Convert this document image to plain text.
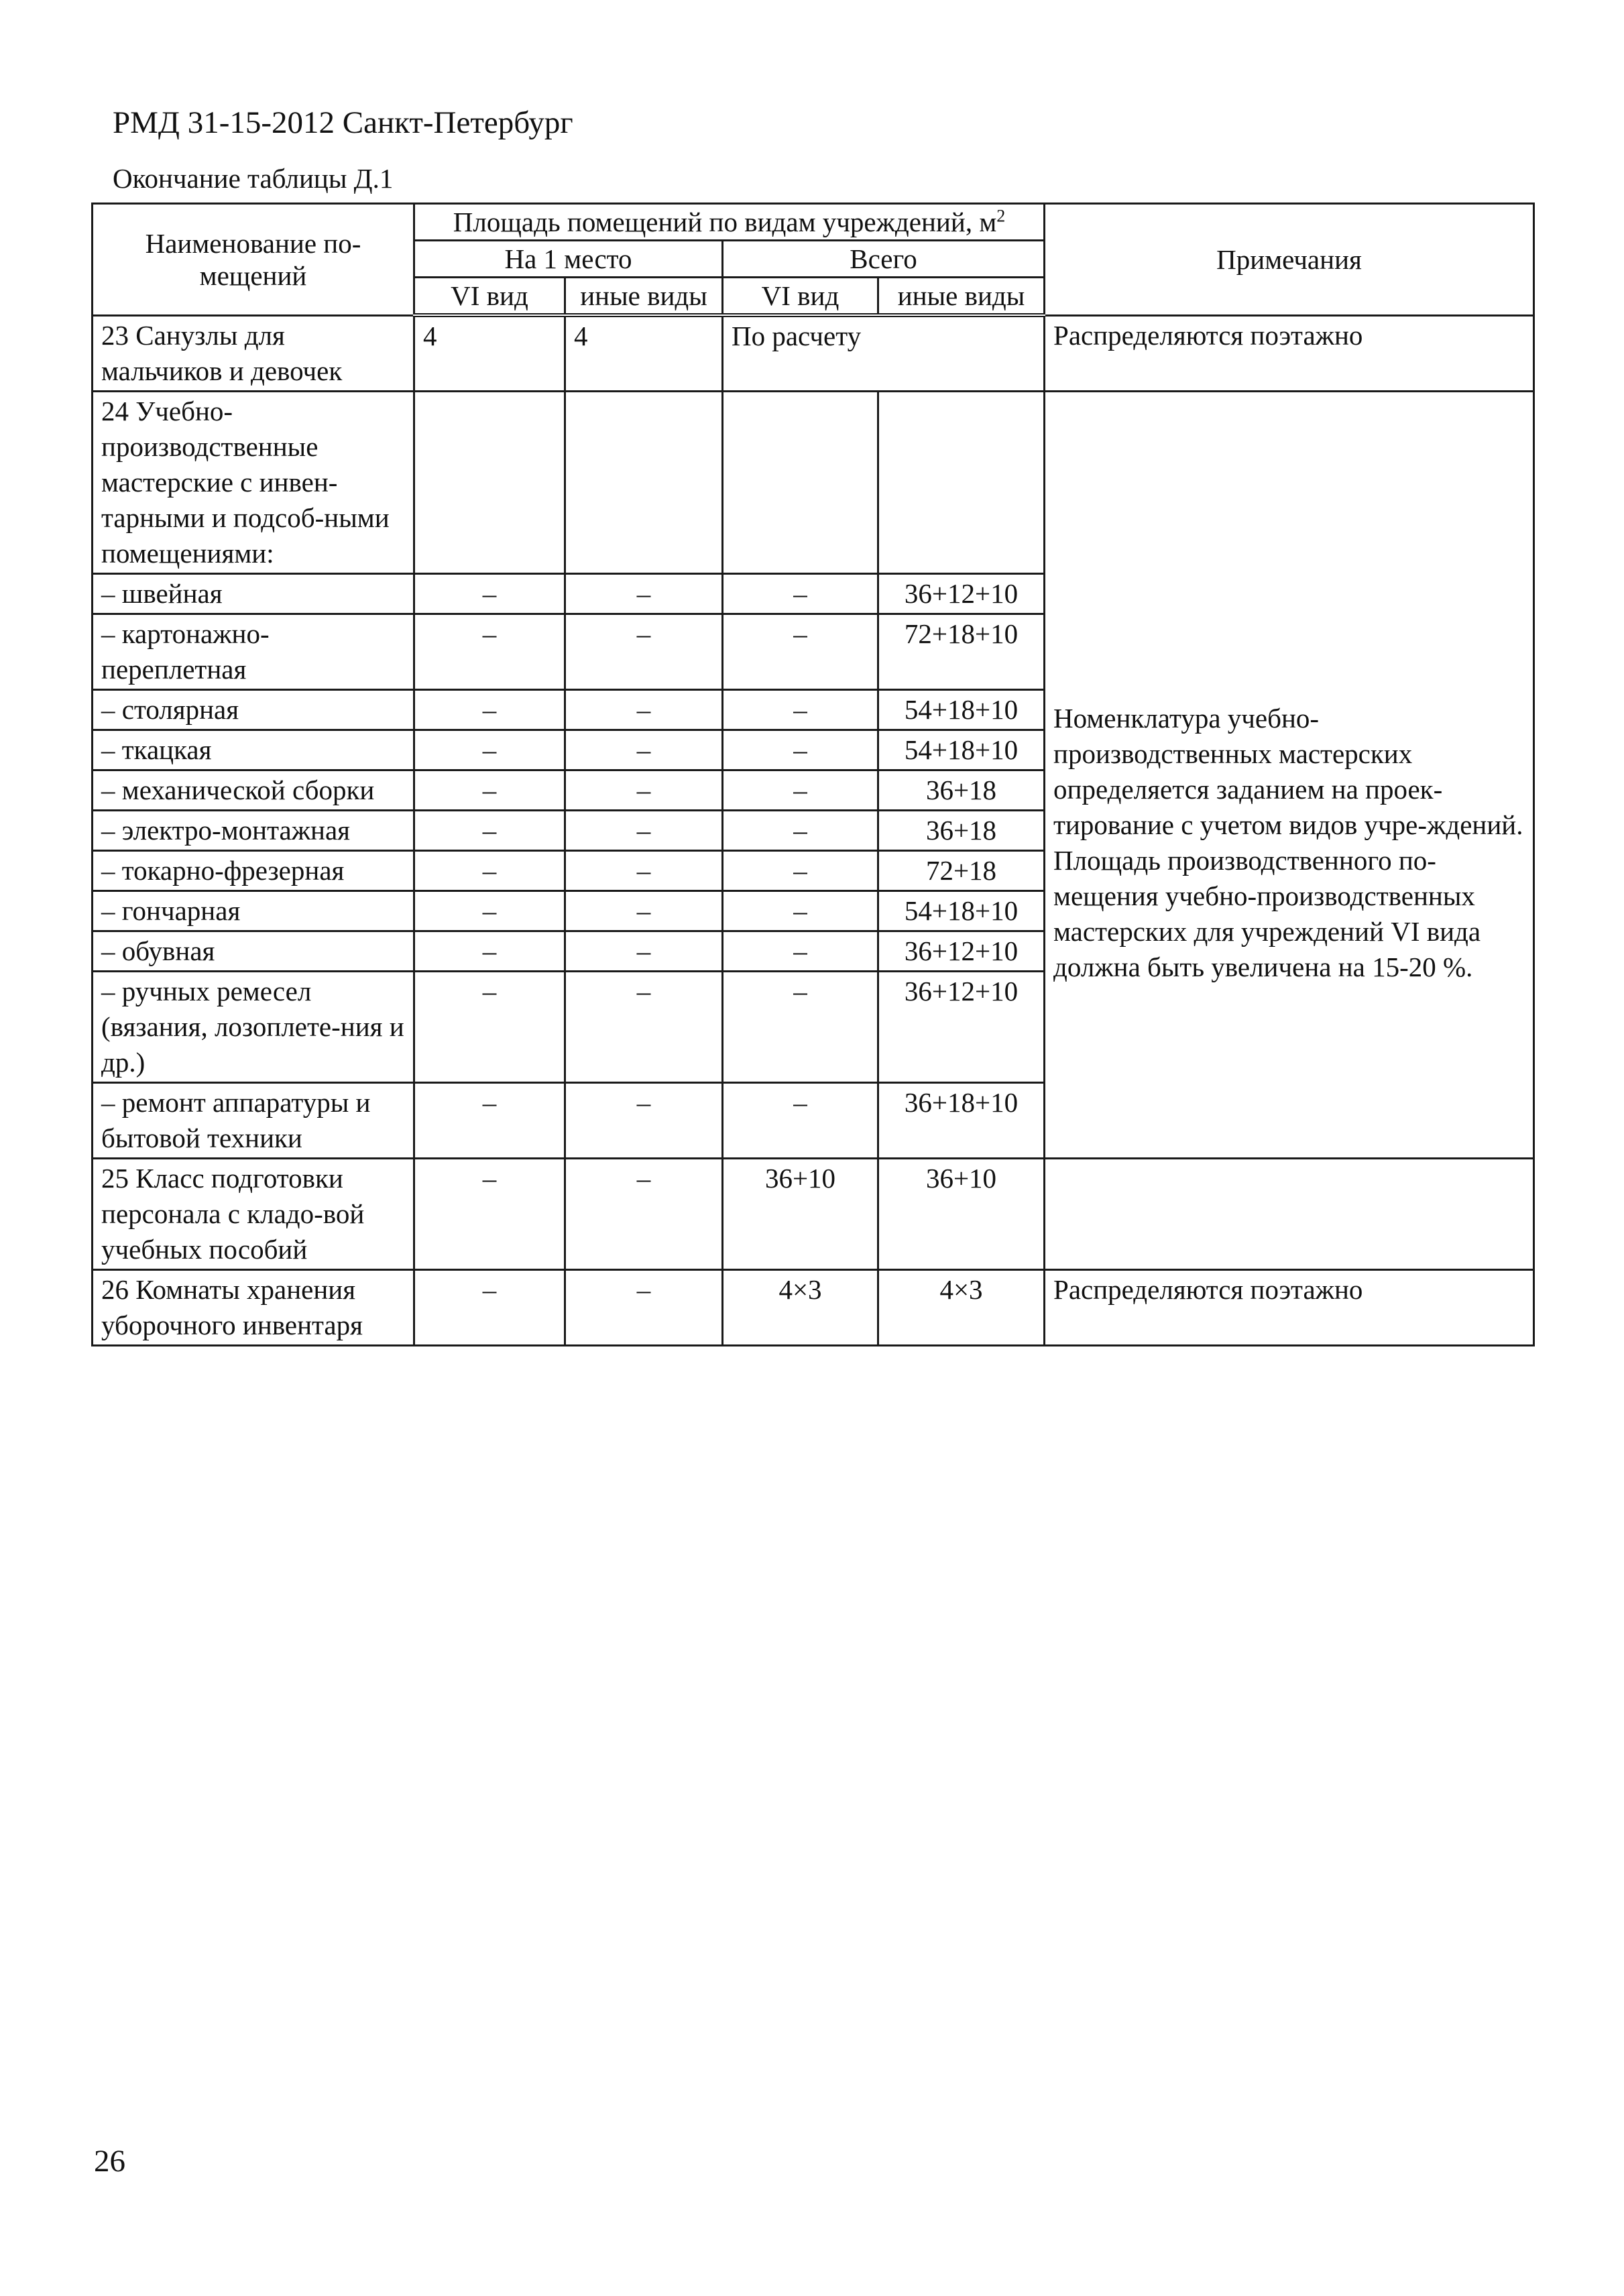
РМД 31-15-2012 Санкт-Петербург
Окончание таблицы Д.1
Наименование по-мещений	Площадь помещений по видам учреждений, $м^2$				Примечания
	На 1 место		Всего		
	VI вид	иные виды	VI вид	иные виды	
23 Санузлы для мальчиков и девочек	4	4	По расчету		Распределяются поэтажно
24 Учебно-производственные мастерские с инвен-тарными и подсоб-ными помещениями:					Номенклатура учебно-производственных мастерских определяется заданием на проек-тирование с учетом видов учре-ждений. Площадь производственного по-мещения учебно-производственных мастерских для учреждений VI вида должна быть увеличена на 15-20 %.
– швейная	–	–	–	36+12+10	
– картонажно-переплетная	–	–	–	72+18+10	
– столярная	–	–	–	54+18+10	
– ткацкая	–	–	–	54+18+10	
– механической сборки	–	–	–	36+18	
– электро-монтажная	–	–	–	36+18	
– токарно-фрезерная	–	–	–	72+18	
– гончарная	–	–	–	54+18+10	
– обувная	–	–	–	36+12+10	
– ручных ремесел (вязания, лозоплете-ния и др.)	–	–	–	36+12+10	
– ремонт аппаратуры и бытовой техники	–	–	–	36+18+10	
25 Класс подготовки персонала с кладо-вой учебных пособий	–	–	36+10	36+10	
26 Комнаты хранения уборочного инвентаря	–	–	4×3	4×3	Распределяются поэтажно
26
